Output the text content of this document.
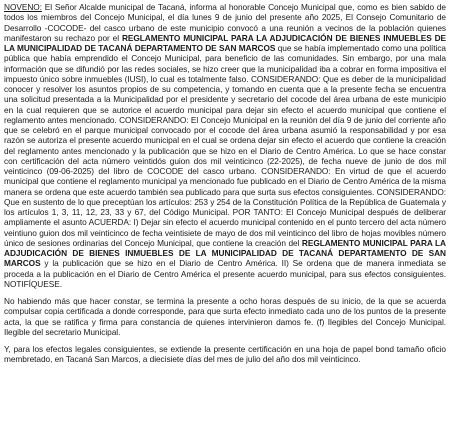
NOVENO: El Señor Alcalde municipal de Tacaná, informa al honorable Concejo Municipal que, como es bien sabido de todos los miembros del Concejo Municipal, el día lunes 9 de junio del presente año 2025, El Consejo Comunitario de Desarrollo -COCODE- del casco urbano de este municipio convocó a una reunión a vecinos de la población quienes manifestaron su rechazo por el REGLAMENTO MUNICIPAL PARA LA ADJUDICACIÓN DE BIENES INMUEBLES DE LA MUNICIPALIDAD DE TACANÁ DEPARTAMENTO DE SAN MARCOS que se había implementado como una política pública que había emprendido el Concejo Municipal, para beneficio de las comunidades. Sin embargo, por una mala información que se difundió por las redes sociales, se hizo creer que la municipalidad iba a cobrar en forma impositiva el impuesto único sobre inmuebles (IUSI), lo cual es totalmente falso. CONSIDERANDO: Que es deber de la municipalidad conocer y resolver los asuntos propios de su competencia, y tomando en cuenta que a la presente fecha se encuentra una solicitud presentada a la Municipalidad por el presidente y secretario del cocode del área urbana de este municipio en la cual requieren que se autorice el acuerdo municipal para dejar sin efecto el acuerdo municipal que contiene el reglamento antes mencionado. CONSIDERANDO: El Concejo Municipal en la reunión del día 9 de junio del corriente año que se celebró en el parque municipal convocado por el cocode del área urbana asumió la responsabilidad y por esa razón se autoriza el presente acuerdo municipal en el cual se ordena dejar sin efecto el acuerdo que contiene la creación del reglamento antes mencionado y la publicación que se hizo en el Diario de Centro América. Lo que se hace constar con certificación del acta número veintidós guion dos mil veinticinco (22-2025), de fecha nueve de junio de dos mil veinticinco (09-06-2025) del libro de COCODE del casco urbano. CONSIDERANDO: En virtud de que el acuerdo municipal que contiene el reglamento municipal ya mencionado fue publicado en el Diario de Centro América de la misma manera se ordena que este acuerdo también sea publicado para que surta sus efectos consiguientes. CONSIDERANDO: Que en sustento de lo que preceptúan los artículos: 253 y 254 de la Constitución Política de la República de Guatemala y los artículos 1, 3, 11, 12, 23, 33 y 67, del Código Municipal. POR TANTO: El Concejo Municipal después de deliberar ampliamente el asunto ACUERDA: I) Dejar sin efecto el acuerdo municipal contenido en el punto tercero del acta número veintiuno guion dos mil veinticinco de fecha veintisiete de mayo de dos mil veinticinco del libro de hojas movibles número único de sesiones ordinarias del Concejo Municipal, que contiene la creación del REGLAMENTO MUNICIPAL PARA LA ADJUDICACIÓN DE BIENES INMUEBLES DE LA MUNICIPALIDAD DE TACANÁ DEPARTAMENTO DE SAN MARCOS y la publicación que se hizo en el Diario de Centro América. II) Se ordena que de manera inmediata se proceda a la publicación en el Diario de Centro América el presente acuerdo municipal, para sus efectos consiguientes. NOTIFÍQUESE.

No habiendo más que hacer constar, se termina la presente a ocho horas después de su inicio, de la que se acuerda compulsar copia certificada a donde corresponde, para que surta efecto inmediato cada uno de los puntos de la presente acta, la que se ratifica y firma para constancia de quienes intervinieron damos fe. (f) Ilegibles del Concejo Municipal. Ilegible del secretario Municipal.

Y, para los efectos legales consiguientes, se extiende la presente certificación en una hoja de papel bond tamaño oficio membretado, en Tacaná San Marcos, a diecisiete días del mes de julio del año dos mil veinticinco.
